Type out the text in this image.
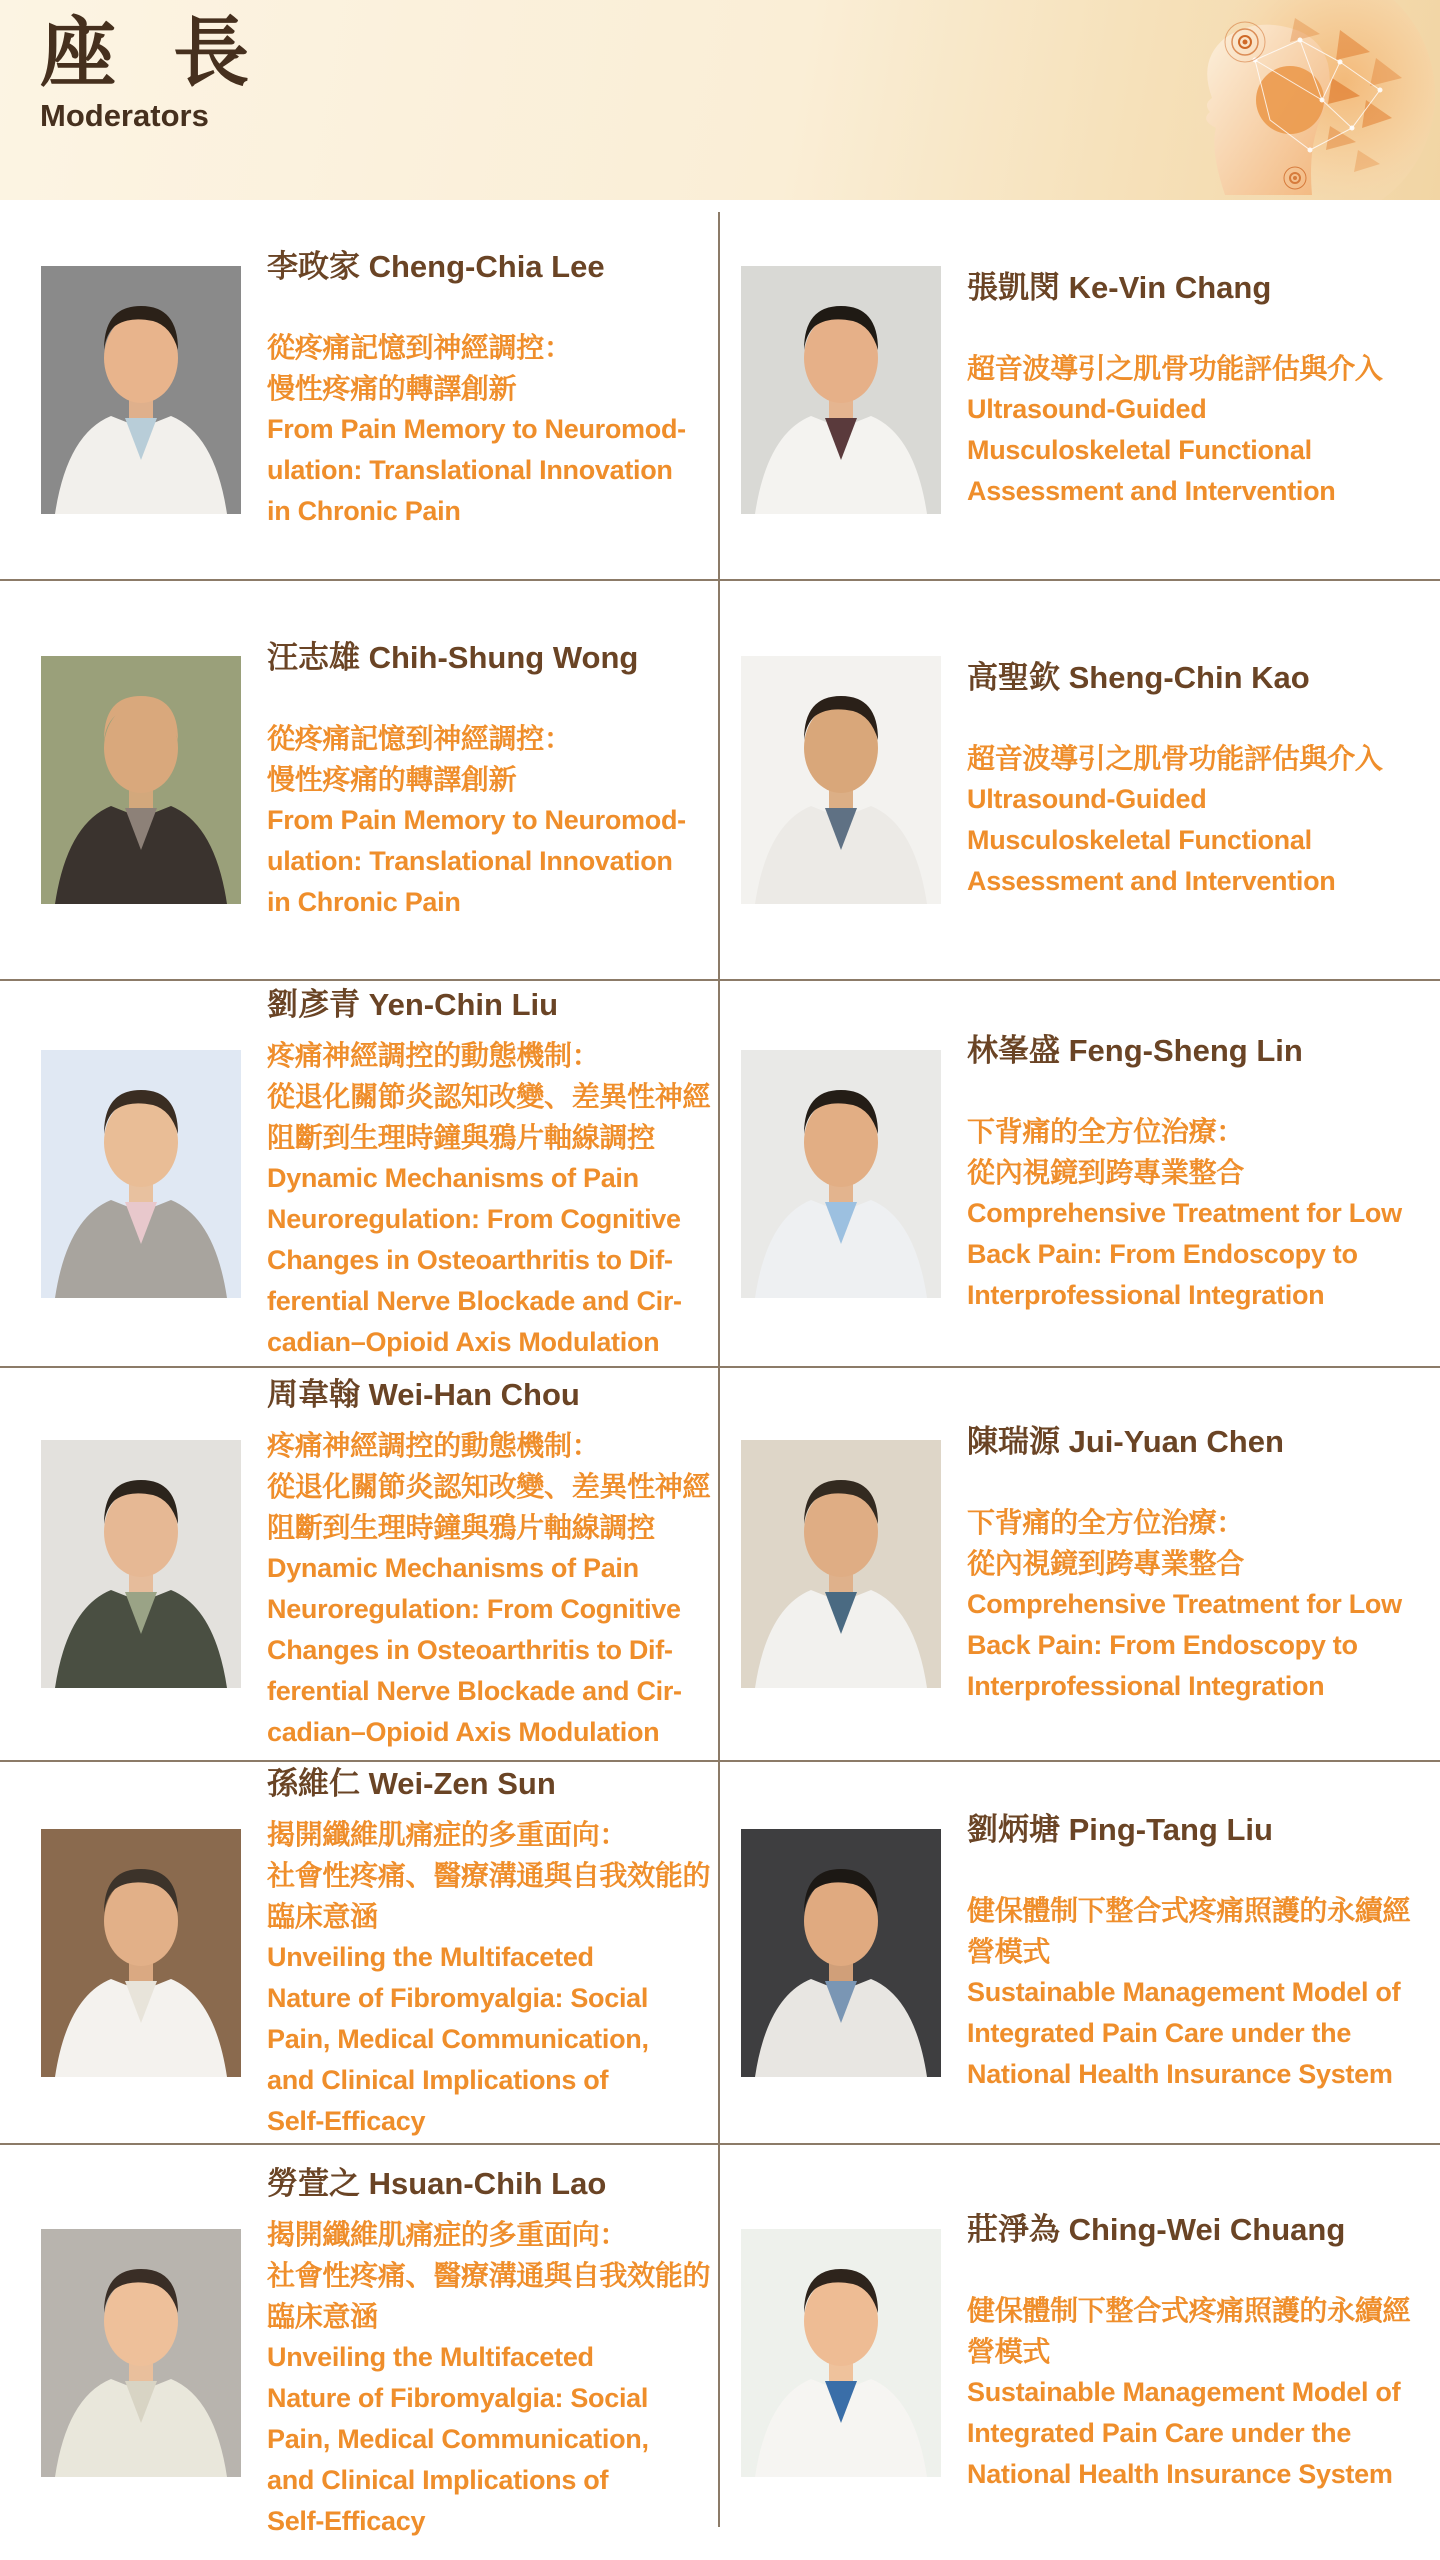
座 長
Moderators
李政家 Cheng-Chia Lee
從疼痛記憶到神經調控：
慢性疼痛的轉譯創新
From Pain Memory to Neuromod-
ulation: Translational Innovation
in Chronic Pain
張凱閔 Ke-Vin Chang
超音波導引之肌骨功能評估與介入
Ultrasound-Guided
Musculoskeletal Functional
Assessment and Intervention
汪志雄 Chih-Shung Wong
從疼痛記憶到神經調控：
慢性疼痛的轉譯創新
From Pain Memory to Neuromod-
ulation: Translational Innovation
in Chronic Pain
高聖欽 Sheng-Chin Kao
超音波導引之肌骨功能評估與介入
Ultrasound-Guided
Musculoskeletal Functional
Assessment and Intervention
劉彥青 Yen-Chin Liu
疼痛神經調控的動態機制：
從退化關節炎認知改變、差異性神經
阻斷到生理時鐘與鴉片軸線調控
Dynamic Mechanisms of Pain
Neuroregulation: From Cognitive
Changes in Osteoarthritis to Dif-
ferential Nerve Blockade and Cir-
cadian–Opioid Axis Modulation
林峯盛 Feng-Sheng Lin
下背痛的全方位治療：
從內視鏡到跨專業整合
Comprehensive Treatment for Low
Back Pain: From Endoscopy to
Interprofessional Integration
周韋翰 Wei-Han Chou
疼痛神經調控的動態機制：
從退化關節炎認知改變、差異性神經
阻斷到生理時鐘與鴉片軸線調控
Dynamic Mechanisms of Pain
Neuroregulation: From Cognitive
Changes in Osteoarthritis to Dif-
ferential Nerve Blockade and Cir-
cadian–Opioid Axis Modulation
陳瑞源 Jui-Yuan Chen
下背痛的全方位治療：
從內視鏡到跨專業整合
Comprehensive Treatment for Low
Back Pain: From Endoscopy to
Interprofessional Integration
孫維仁 Wei-Zen Sun
揭開纖維肌痛症的多重面向：
社會性疼痛、醫療溝通與自我效能的
臨床意涵
Unveiling the Multifaceted
Nature of Fibromyalgia: Social
Pain, Medical Communication,
and Clinical Implications of
Self-Efficacy
劉炳塘 Ping-Tang Liu
健保體制下整合式疼痛照護的永續經
營模式
Sustainable Management Model of
Integrated Pain Care under the
National Health Insurance System
勞萱之 Hsuan-Chih Lao
揭開纖維肌痛症的多重面向：
社會性疼痛、醫療溝通與自我效能的
臨床意涵
Unveiling the Multifaceted
Nature of Fibromyalgia: Social
Pain, Medical Communication,
and Clinical Implications of
Self-Efficacy
莊淨為 Ching-Wei Chuang
健保體制下整合式疼痛照護的永續經
營模式
Sustainable Management Model of
Integrated Pain Care under the
National Health Insurance System
